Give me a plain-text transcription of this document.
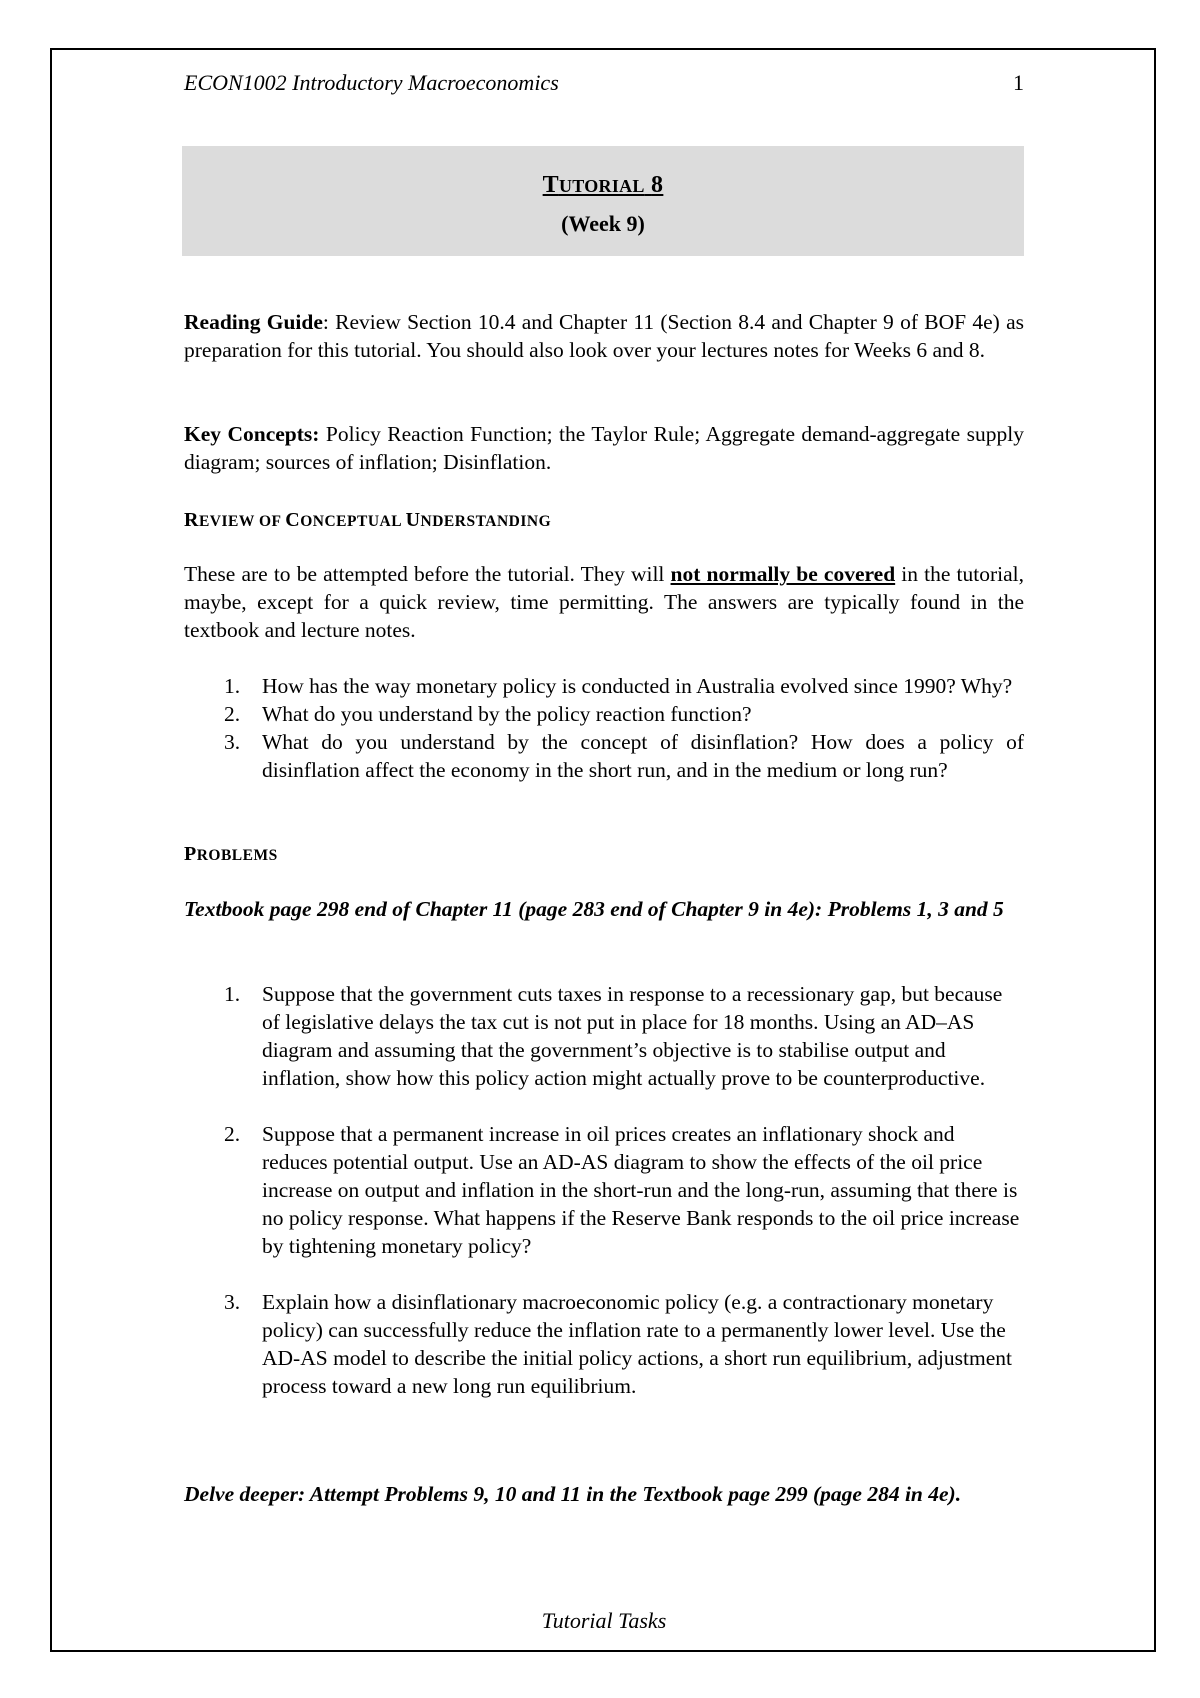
ECON1002 Introductory Macroeconomics	1
TUTORIAL 8
(Week 9)
Reading Guide: Review Section 10.4 and Chapter 11 (Section 8.4 and Chapter 9 of BOF 4e) as preparation for this tutorial. You should also look over your lectures notes for Weeks 6 and 8.
Key Concepts: Policy Reaction Function; the Taylor Rule; Aggregate demand-aggregate supply diagram; sources of inflation; Disinflation.
REVIEW OF CONCEPTUAL UNDERSTANDING
These are to be attempted before the tutorial. They will not normally be covered in the tutorial, maybe, except for a quick review, time permitting. The answers are typically found in the textbook and lecture notes.
1. How has the way monetary policy is conducted in Australia evolved since 1990? Why?
2. What do you understand by the policy reaction function?
3. What do you understand by the concept of disinflation? How does a policy of disinflation affect the economy in the short run, and in the medium or long run?
PROBLEMS
Textbook page 298 end of Chapter 11 (page 283 end of Chapter 9 in 4e): Problems 1, 3 and 5
1. Suppose that the government cuts taxes in response to a recessionary gap, but because of legislative delays the tax cut is not put in place for 18 months. Using an AD–AS diagram and assuming that the government’s objective is to stabilise output and inflation, show how this policy action might actually prove to be counterproductive.
2. Suppose that a permanent increase in oil prices creates an inflationary shock and reduces potential output. Use an AD-AS diagram to show the effects of the oil price increase on output and inflation in the short-run and the long-run, assuming that there is no policy response. What happens if the Reserve Bank responds to the oil price increase by tightening monetary policy?
3. Explain how a disinflationary macroeconomic policy (e.g. a contractionary monetary policy) can successfully reduce the inflation rate to a permanently lower level. Use the AD-AS model to describe the initial policy actions, a short run equilibrium, adjustment process toward a new long run equilibrium.
Delve deeper: Attempt Problems 9, 10 and 11 in the Textbook page 299 (page 284 in 4e).
Tutorial Tasks
